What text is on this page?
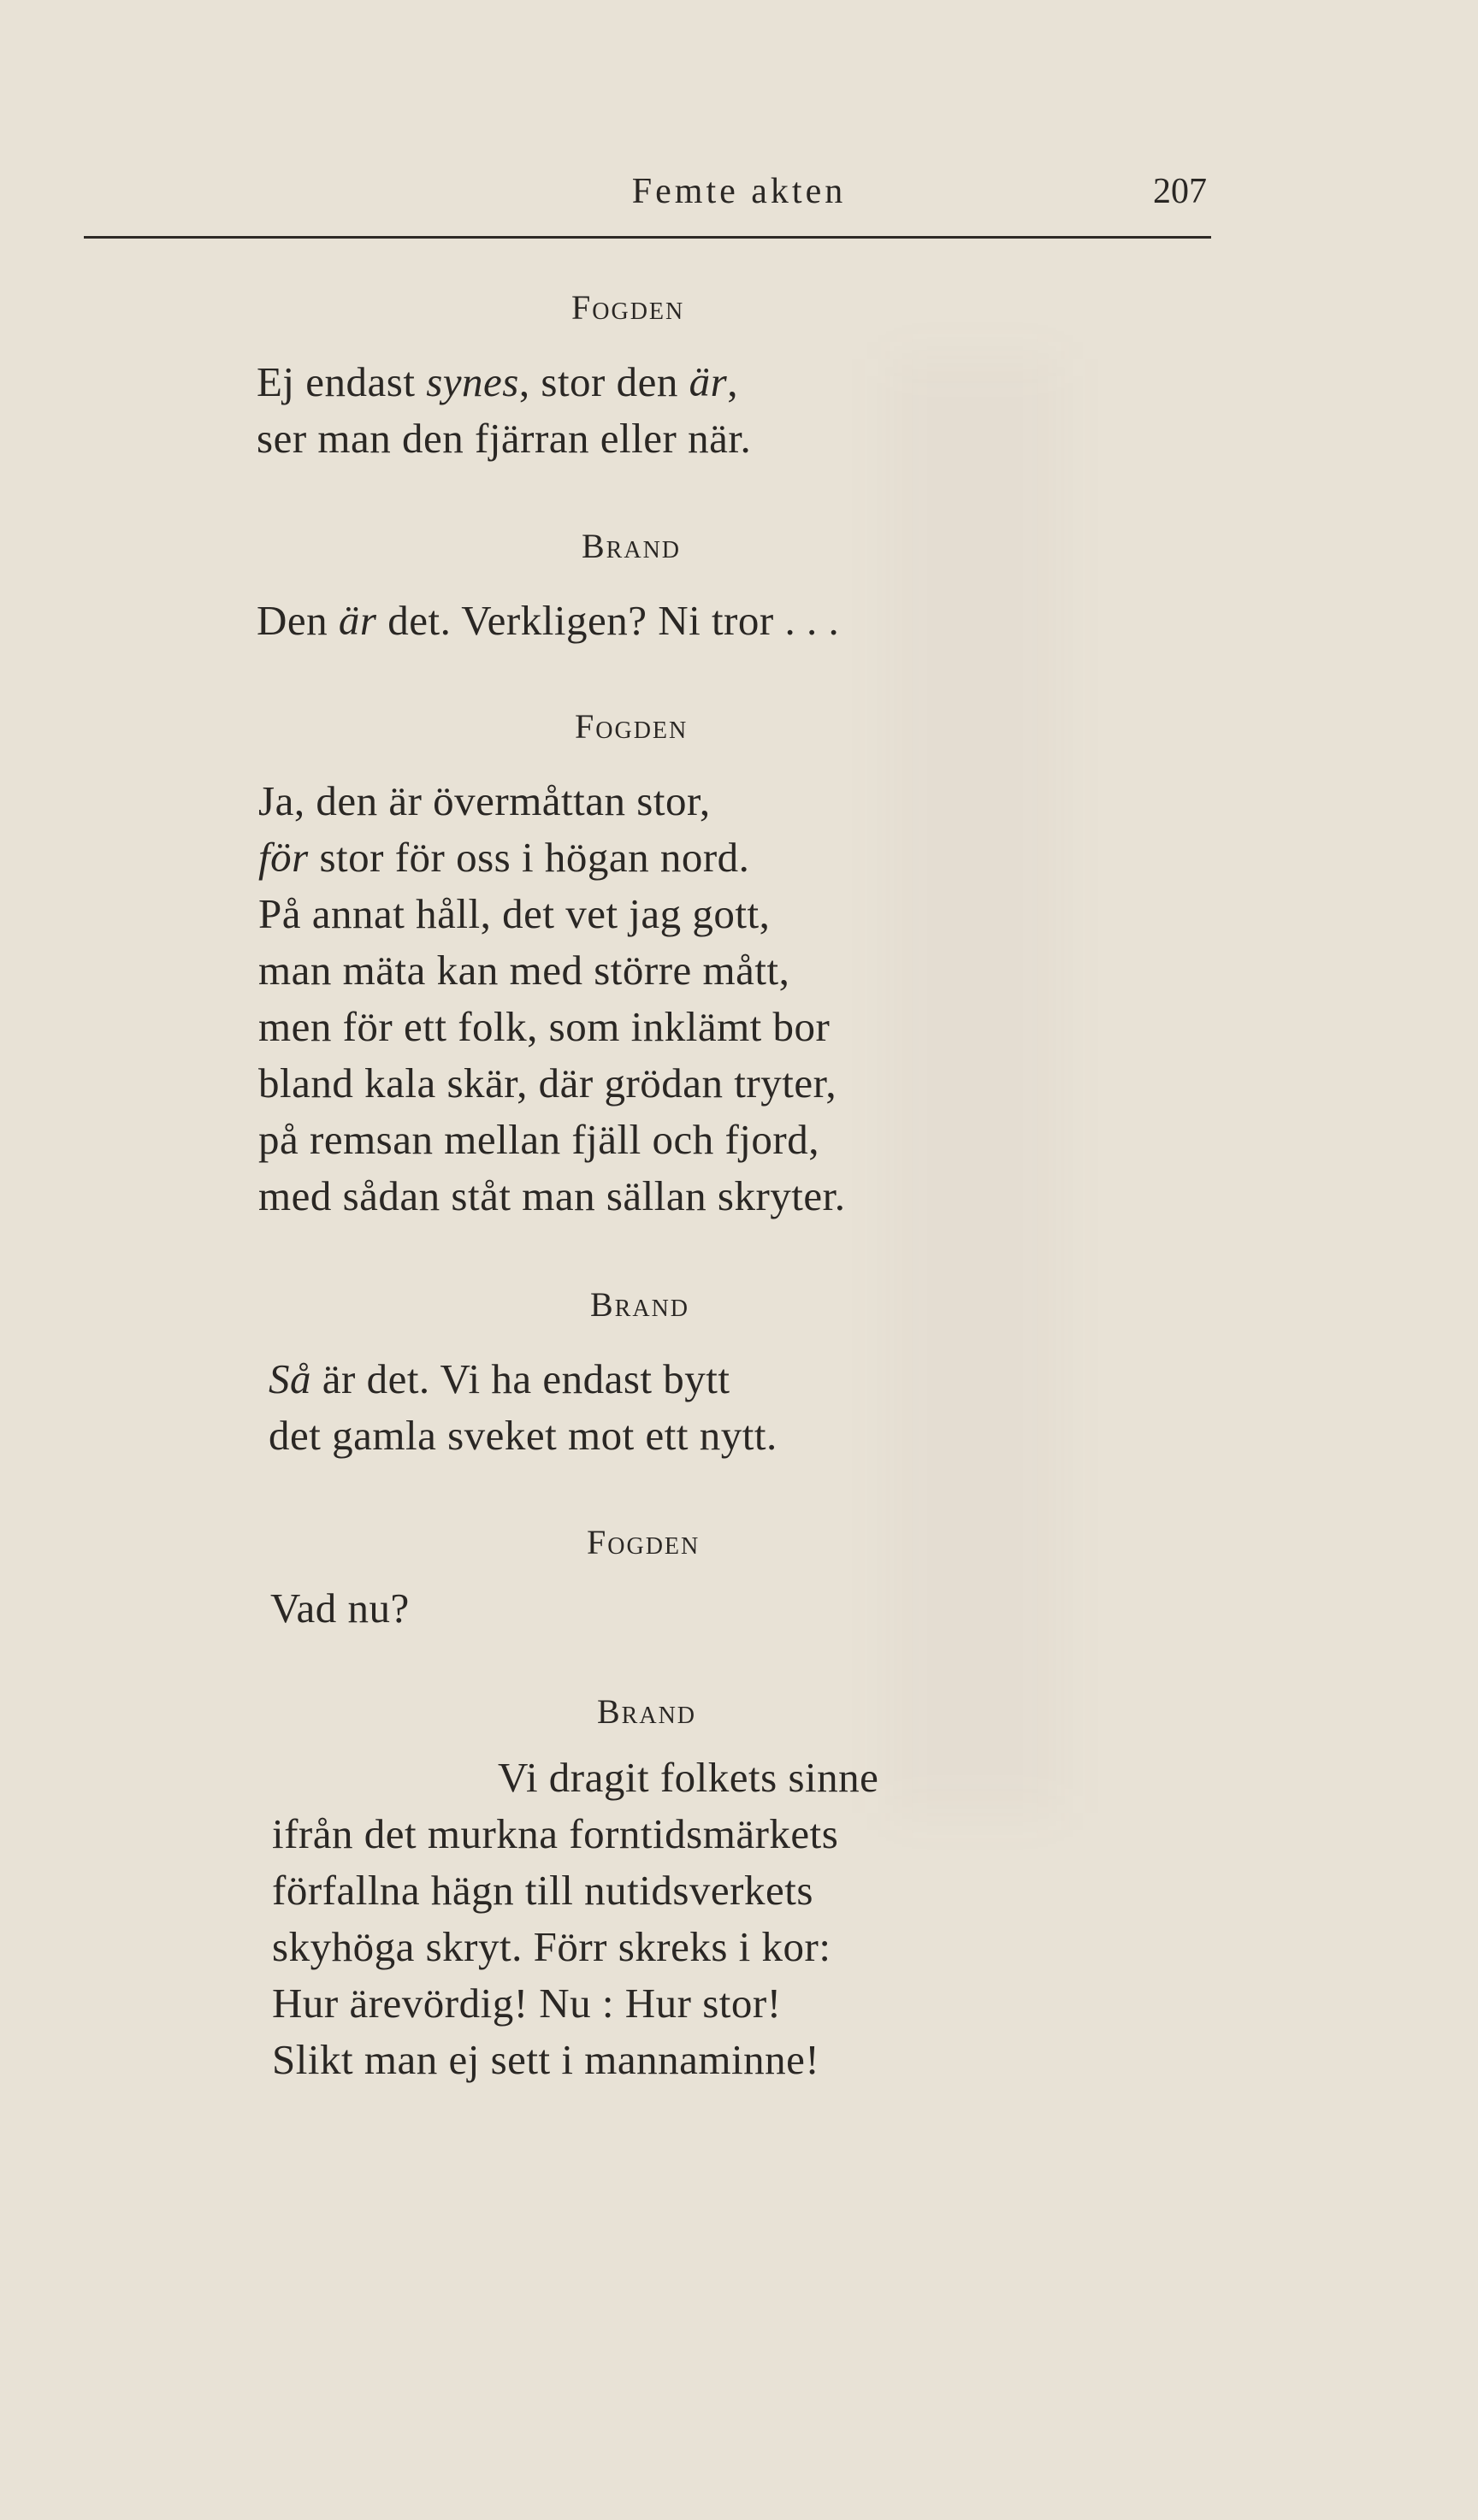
Femte akten	207
Fogden
Ej endast synes, stor den är,
ser man den fjärran eller när.
Brand
Den är det. Verkligen? Ni tror . . .
Fogden
Ja, den är övermåttan stor,
för stor för oss i högan nord.
På annat håll, det vet jag gott,
man mäta kan med större mått,
men för ett folk, som inklämt bor
bland kala skär, där grödan tryter,
på remsan mellan fjäll och fjord,
med sådan ståt man sällan skryter.
Brand
Så är det. Vi ha endast bytt
det gamla sveket mot ett nytt.
Fogden
Vad nu?
Brand
Vi dragit folkets sinne
ifrån det murkna forntidsmärkets
förfallna hägn till nutidsverkets
skyhöga skryt. Förr skreks i kor:
Hur ärevördig! Nu : Hur stor!
Slikt man ej sett i mannaminne!
